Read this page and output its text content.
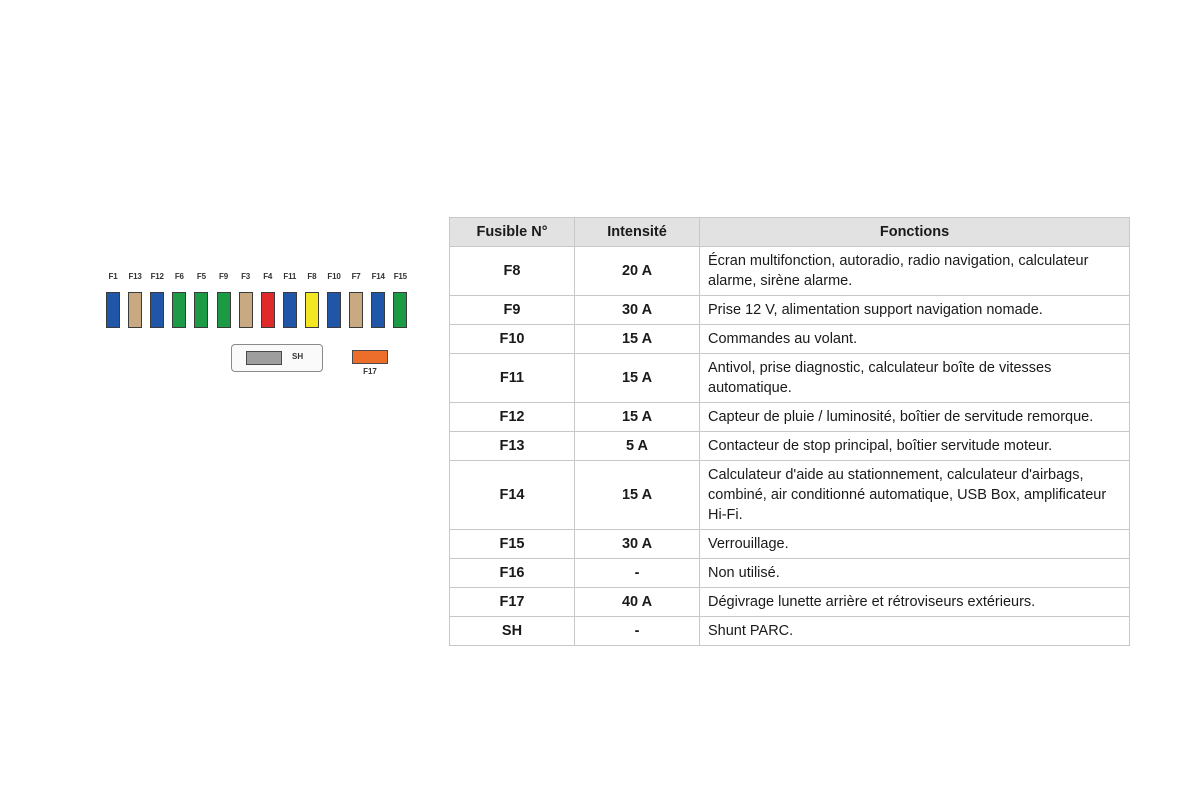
F1	F13	F12	F6	F5	F9	F3	F4	F11	F8	F10	F7	F14	F15
SH
F17
Fusible N°	Intensité	Fonctions
F8	20 A	Écran multifonction, autoradio, radio navigation, calculateur alarme, sirène alarme.
F9	30 A	Prise 12 V, alimentation support navigation nomade.
F10	15 A	Commandes au volant.
F11	15 A	Antivol, prise diagnostic, calculateur boîte de vitesses automatique.
F12	15 A	Capteur de pluie / luminosité, boîtier de servitude remorque.
F13	5 A	Contacteur de stop principal, boîtier servitude moteur.
F14	15 A	Calculateur d'aide au stationnement, calculateur d'airbags, combiné, air conditionné automatique, USB Box, amplificateur Hi-Fi.
F15	30 A	Verrouillage.
F16	-	Non utilisé.
F17	40 A	Dégivrage lunette arrière et rétroviseurs extérieurs.
SH	-	Shunt PARC.
